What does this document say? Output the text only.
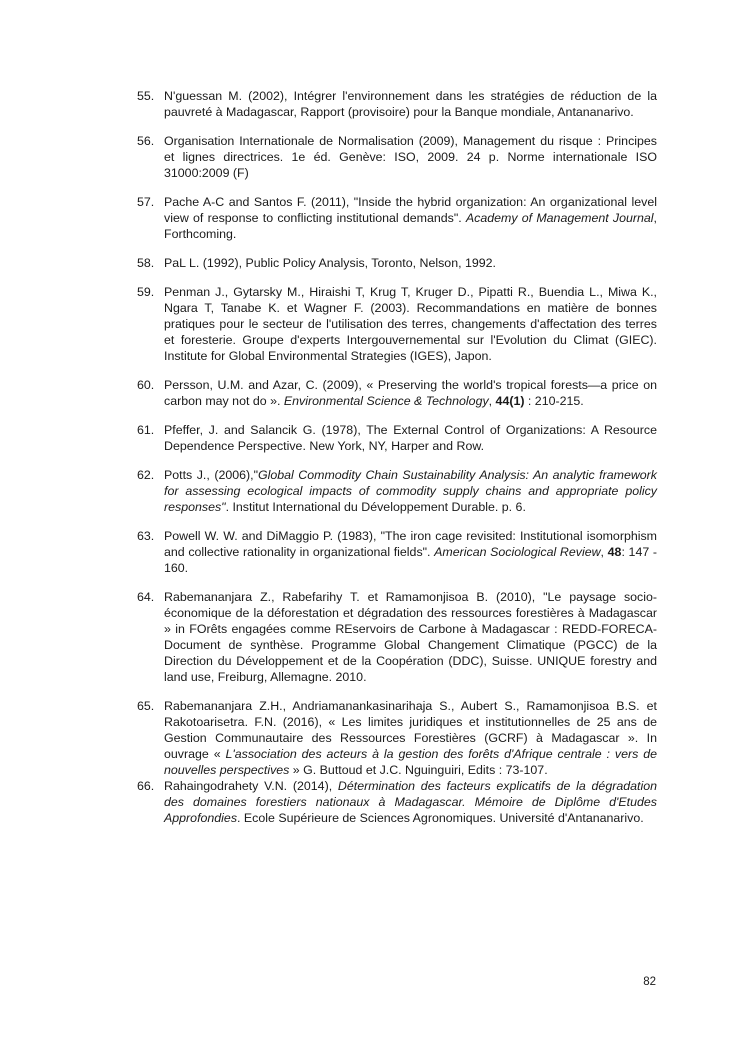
55. N'guessan M. (2002), Intégrer l'environnement dans les stratégies de réduction de la pauvreté à Madagascar, Rapport (provisoire) pour la Banque mondiale, Antananarivo.
56. Organisation Internationale de Normalisation (2009), Management du risque : Principes et lignes directrices. 1e éd. Genève: ISO, 2009. 24 p. Norme internationale ISO 31000:2009 (F)
57. Pache A-C and Santos F. (2011), "Inside the hybrid organization: An organizational level view of response to conflicting institutional demands". Academy of Management Journal, Forthcoming.
58. PaL L. (1992), Public Policy Analysis, Toronto, Nelson, 1992.
59. Penman J., Gytarsky M., Hiraishi T, Krug T, Kruger D., Pipatti R., Buendia L., Miwa K., Ngara T, Tanabe K. et Wagner F. (2003). Recommandations en matière de bonnes pratiques pour le secteur de l'utilisation des terres, changements d'affectation des terres et foresterie. Groupe d'experts Intergouvernemental sur l'Evolution du Climat (GIEC). Institute for Global Environmental Strategies (IGES), Japon.
60. Persson, U.M. and Azar, C. (2009), « Preserving the world's tropical forests—a price on carbon may not do ». Environmental Science & Technology, 44(1) : 210-215.
61. Pfeffer, J. and Salancik G. (1978), The External Control of Organizations: A Resource Dependence Perspective. New York, NY, Harper and Row.
62. Potts J., (2006),"Global Commodity Chain Sustainability Analysis: An analytic framework for assessing ecological impacts of commodity supply chains and appropriate policy responses". Institut International du Développement Durable. p. 6.
63. Powell W. W. and DiMaggio P. (1983), "The iron cage revisited: Institutional isomorphism and collective rationality in organizational fields". American Sociological Review, 48: 147 - 160.
64. Rabemananjara Z., Rabefarihy T. et Ramamonjisoa B. (2010), "Le paysage socio-économique de la déforestation et dégradation des ressources forestières à Madagascar » in FOrêts engagées comme REservoirs de Carbone à Madagascar : REDD-FORECA-Document de synthèse. Programme Global Changement Climatique (PGCC) de la Direction du Développement et de la Coopération (DDC), Suisse. UNIQUE forestry and land use, Freiburg, Allemagne. 2010.
65. Rabemananjara Z.H., Andriamanankasinarihaja S., Aubert S., Ramamonjisoa B.S. et Rakotoarisetra. F.N. (2016), « Les limites juridiques et institutionnelles de 25 ans de Gestion Communautaire des Ressources Forestières (GCRF) à Madagascar ». In ouvrage « L'association des acteurs à la gestion des forêts d'Afrique centrale : vers de nouvelles perspectives » G. Buttoud et J.C. Nguinguiri, Edits : 73-107.
66. Rahaingodrahety V.N. (2014), Détermination des facteurs explicatifs de la dégradation des domaines forestiers nationaux à Madagascar. Mémoire de Diplôme d'Etudes Approfondies. Ecole Supérieure de Sciences Agronomiques. Université d'Antananarivo.
82
